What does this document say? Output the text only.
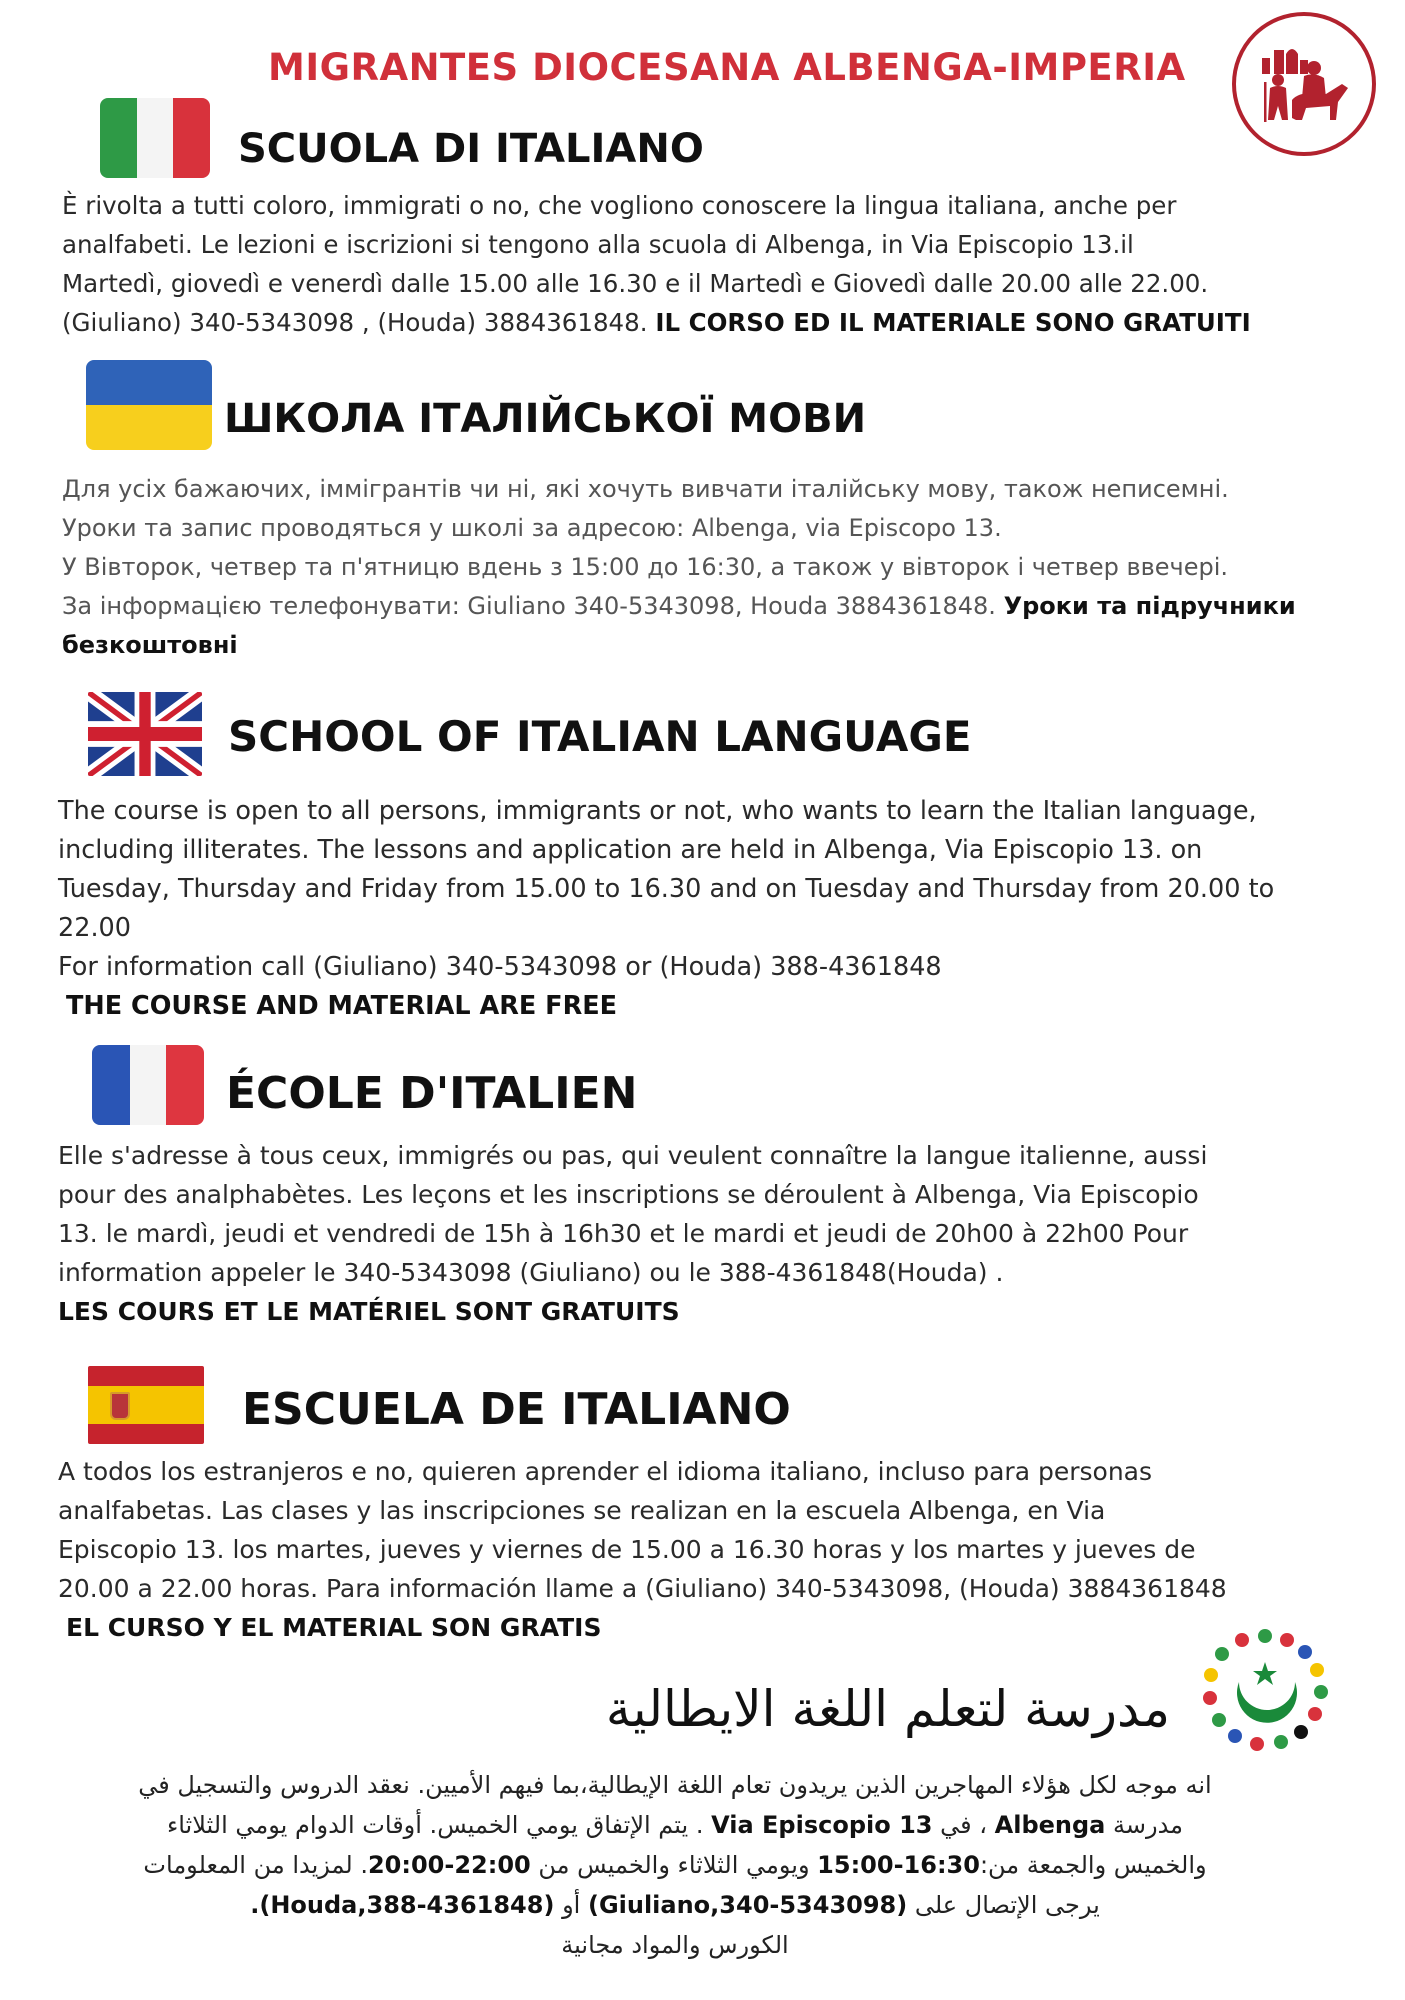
MIGRANTES DIOCESANA ALBENGA-IMPERIA
SCUOLA DI ITALIANO
È rivolta a tutti coloro, immigrati o no, che vogliono conoscere la lingua italiana, anche per
analfabeti. Le lezioni e iscrizioni si tengono alla scuola di Albenga, in Via Episcopio 13.il
Martedì, giovedì e venerdì dalle 15.00 alle 16.30 e il Martedì e Giovedì dalle 20.00 alle 22.00.
(Giuliano) 340-5343098 , (Houda) 3884361848. IL CORSO ED IL MATERIALE SONO GRATUITI
ШКОЛА ІТАЛІЙСЬКОЇ МОВИ
Для усіх бажаючих, іммігрантів чи ні, які хочуть вивчати італійську мову, також неписемні.
Уроки та запис проводяться у школі за адресою: Albenga, via Episcopo 13.
У Вівторок, четвер та п'ятницю вдень з 15:00 до 16:30, а також у вівторок і четвер ввечері.
За інформацією телефонувати: Giuliano 340-5343098, Houda 3884361848. Уроки та підручники
безкоштовні
SCHOOL OF ITALIAN LANGUAGE
The course is open to all persons, immigrants or not, who wants to learn the Italian language,
including illiterates. The lessons and application are held in Albenga, Via Episcopio 13. on
Tuesday, Thursday and Friday from 15.00 to 16.30 and on Tuesday and Thursday from 20.00 to
22.00
For information call (Giuliano) 340-5343098 or (Houda) 388-4361848
THE COURSE AND MATERIAL ARE FREE
ÉCOLE D'ITALIEN
Elle s'adresse à tous ceux, immigrés ou pas, qui veulent connaître la langue italienne, aussi
pour des analphabètes. Les leçons et les inscriptions se déroulent à Albenga, Via Episcopio
13. le mardì, jeudi et vendredi de 15h à 16h30 et le mardi et jeudi de 20h00 à 22h00 Pour
information appeler le 340-5343098 (Giuliano) ou le 388-4361848(Houda) .
LES COURS ET LE MATÉRIEL SONT GRATUITS
ESCUELA DE ITALIANO
A todos los estranjeros e no, quieren aprender el idioma italiano, incluso para personas
analfabetas. Las clases y las inscripciones se realizan en la escuela Albenga, en Via
Episcopio 13. los martes, jueves y viernes de 15.00 a 16.30 horas y los martes y jueves de
20.00 a 22.00 horas. Para información llame a (Giuliano) 340-5343098, (Houda) 3884361848
EL CURSO Y EL MATERIAL SON GRATIS
مدرسة لتعلم اللغة الايطالية
انه موجه لكل هؤلاء المهاجرين الذين يريدون تعام اللغة الإيطالية،بما فيهم الأميين. نعقد الدروس والتسجيل في
مدرسة Albenga ، في Via Episcopio 13 . يتم الإتفاق يومي الخميس. أوقات الدوام يومي الثلاثاء
والخميس والجمعة من:16:30-15:00 ويومي الثلاثاء والخميس من 22:00-20:00. لمزيدا من المعلومات
يرجى الإتصال على (Giuliano,340-5343098) أو (Houda,388-4361848).
الكورس والمواد مجانية
